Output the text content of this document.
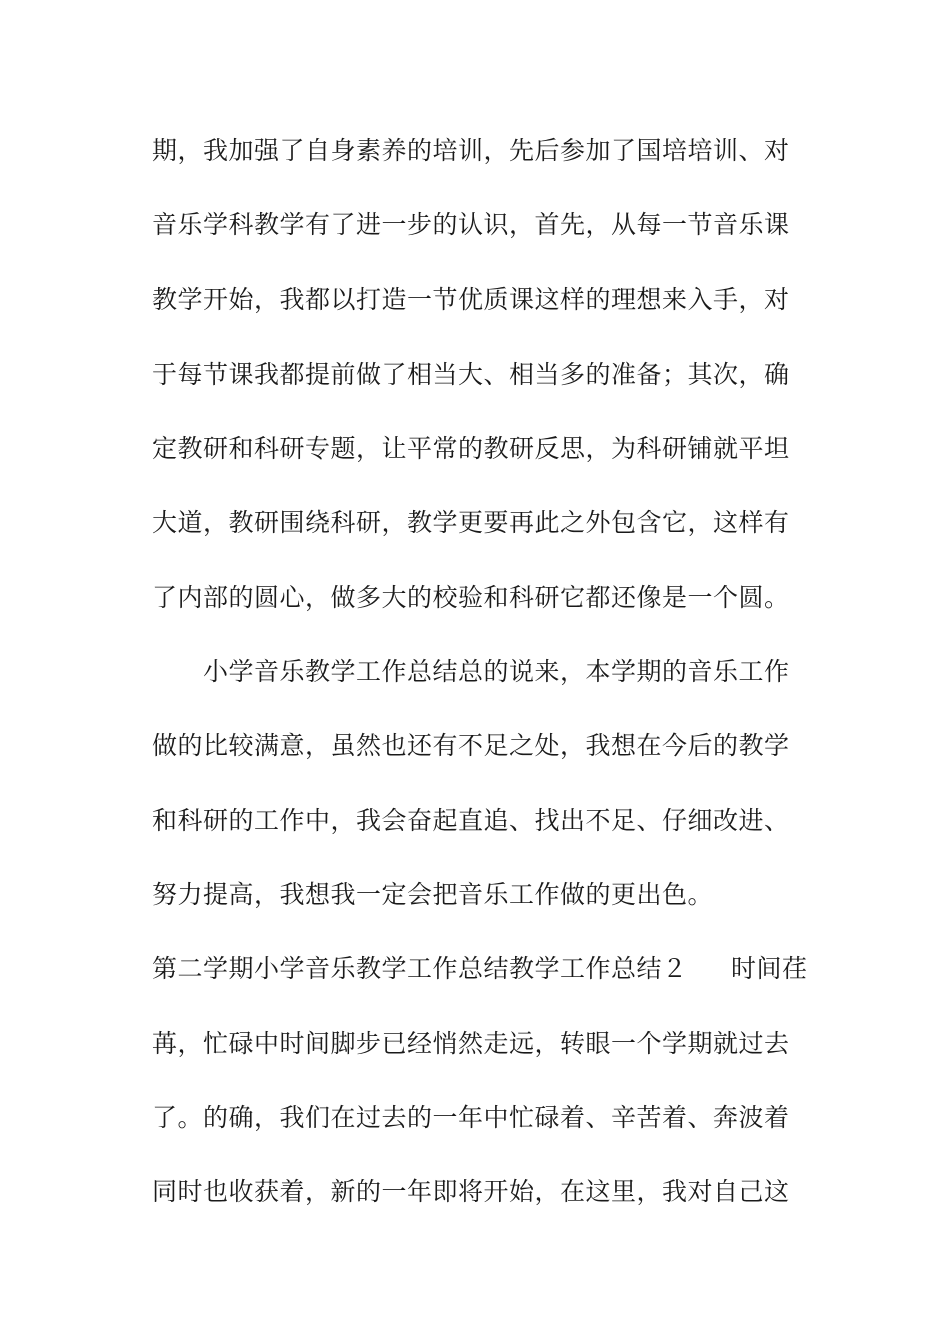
期，我加强了自身素养的培训，先后参加了国培培训、对
音乐学科教学有了进一步的认识，首先，从每一节音乐课
教学开始，我都以打造一节优质课这样的理想来入手，对
于每节课我都提前做了相当大、相当多的准备；其次，确
定教研和科研专题，让平常的教研反思，为科研铺就平坦
大道，教研围绕科研，教学更要再此之外包含它，这样有
了内部的圆心，做多大的校验和科研它都还像是一个圆。
小学音乐教学工作总结总的说来，本学期的音乐工作
做的比较满意，虽然也还有不足之处，我想在今后的教学
和科研的工作中，我会奋起直追、找出不足、仔细改进、
努力提高，我想我一定会把音乐工作做的更出色。
第二学期小学音乐教学工作总结教学工作总结２ 时间荏
苒，忙碌中时间脚步已经悄然走远，转眼一个学期就过去
了。的确，我们在过去的一年中忙碌着、辛苦着、奔波着
同时也收获着，新的一年即将开始，在这里，我对自己这
